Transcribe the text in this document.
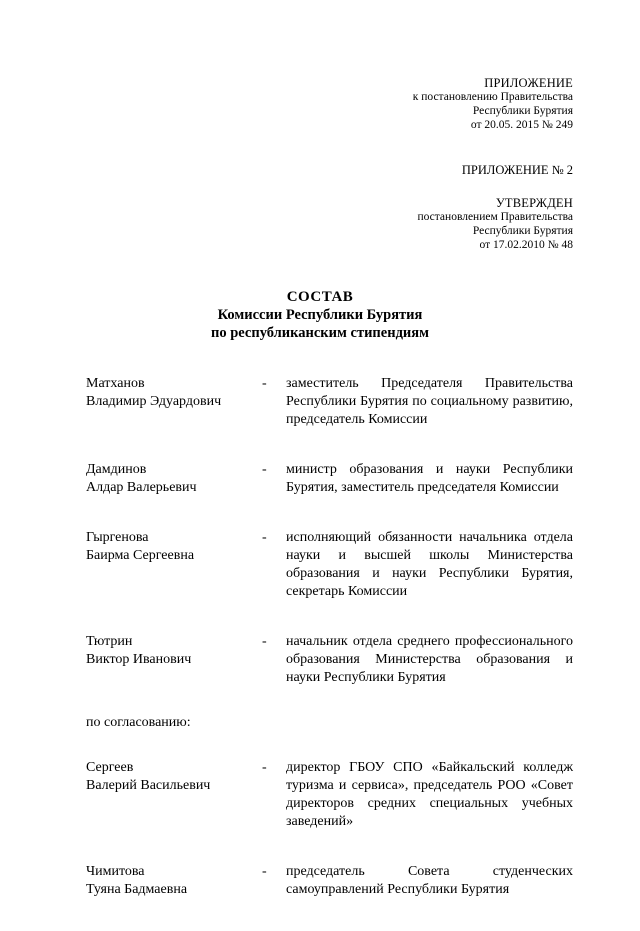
ПРИЛОЖЕНИЕ
к постановлению Правительства
Республики Бурятия
от 20.05. 2015 № 249
ПРИЛОЖЕНИЕ № 2
УТВЕРЖДЕН
постановлением Правительства
Республики Бурятия
от 17.02.2010 № 48
СОСТАВ
Комиссии Республики Бурятия
по республиканским стипендиям
Матханов
Владимир Эдуардович
-	заместитель Председателя Правительства Республики Бурятия по социальному развитию, председатель Комиссии
Дамдинов
Алдар Валерьевич
-	министр образования и науки Республики Бурятия, заместитель председателя Комиссии
Гыргенова
Баирма Сергеевна
-	исполняющий обязанности начальника отдела науки и высшей школы Министерства образования и науки Республики Бурятия, секретарь Комиссии
Тютрин
Виктор Иванович
-	начальник отдела среднего профессионального образования Министерства образования и науки Республики Бурятия
по согласованию:
Сергеев
Валерий Васильевич
-	директор ГБОУ СПО «Байкальский колледж туризма и сервиса», председатель РОО «Совет директоров средних специальных учебных заведений»
Чимитова
Туяна Бадмаевна
-	председатель Совета студенческих самоуправлений Республики Бурятия
